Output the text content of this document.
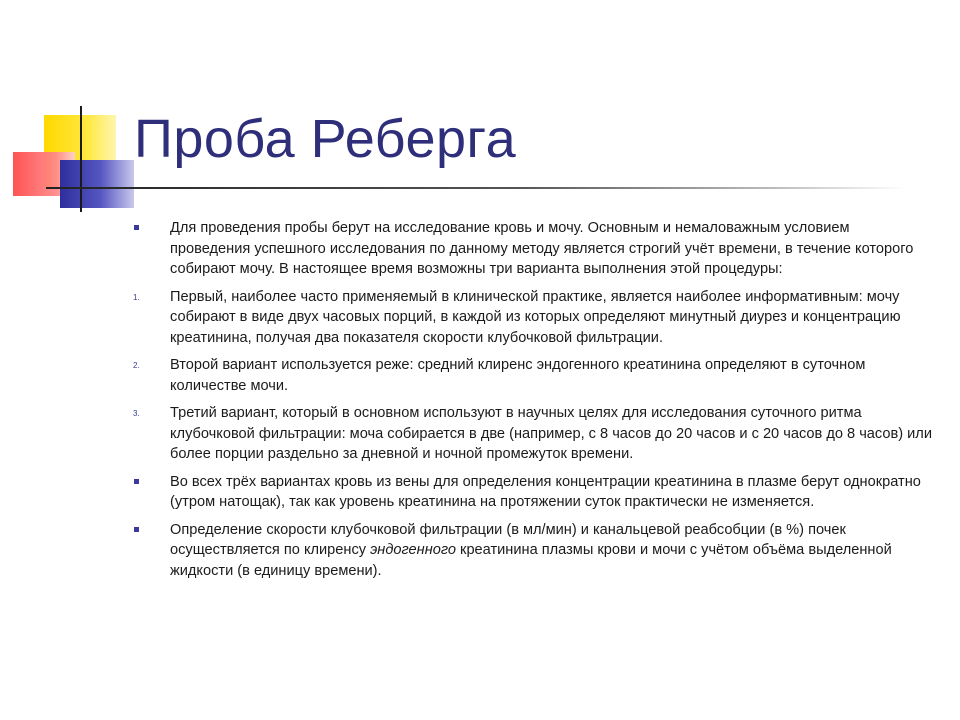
Проба Реберга
Для проведения пробы берут на исследование кровь и мочу. Основным и немаловажным условием проведения успешного исследования по данному методу является строгий учёт времени, в течение которого собирают мочу. В настоящее время возможны три варианта выполнения этой процедуры:
1.	Первый, наиболее часто применяемый в клинической практике, является наиболее информативным: мочу собирают в виде двух часовых порций, в каждой из которых определяют минутный диурез и концентрацию креатинина, получая два показателя скорости клубочковой фильтрации.
2.	Второй вариант используется реже: средний клиренс эндогенного креатинина определяют в суточном количестве мочи.
3.	Третий вариант, который в основном используют в научных целях для исследования суточного ритма клубочковой фильтрации: моча собирается в две (например, с 8 часов до 20 часов и с 20 часов до 8 часов) или более порции раздельно за дневной и ночной промежуток времени.
Во всех трёх вариантах кровь из вены для определения концентрации креатинина в плазме берут однократно (утром натощак), так как уровень креатинина на протяжении суток практически не изменяется.
Определение скорости клубочковой фильтрации (в мл/мин) и канальцевой реабсобции (в %) почек осуществляется по клиренсу эндогенного креатинина плазмы крови и мочи с учётом объёма выделенной жидкости (в единицу времени).
